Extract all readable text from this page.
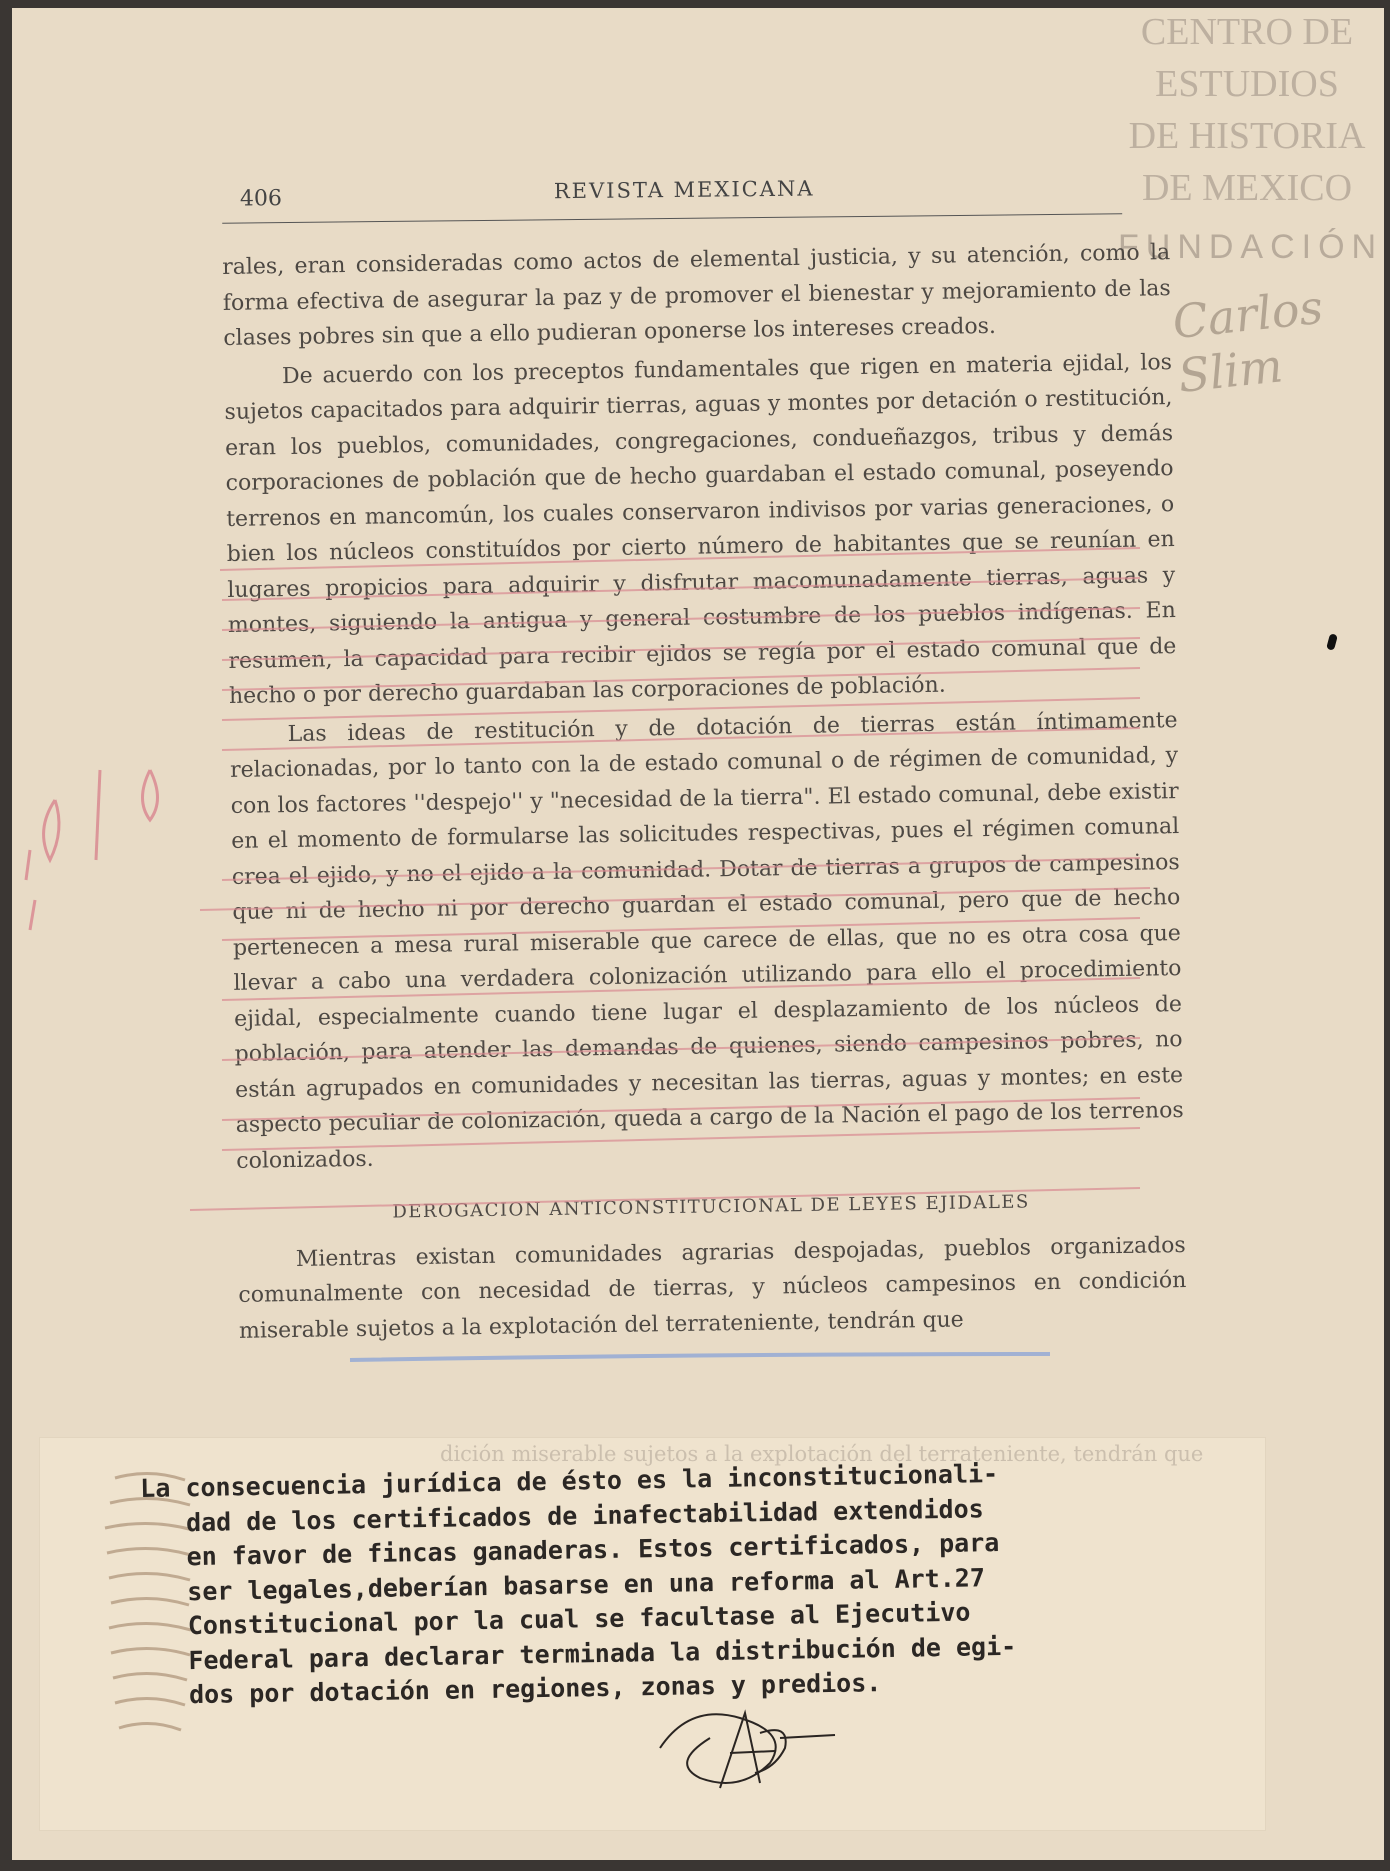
CENTRO DE
ESTUDIOS
DE HISTORIA
DE MEXICO
FUNDACIÓN
Carlos Slim
406	REVISTA MEXICANA

rales, eran consideradas como actos de elemental justicia, y su atención, como la forma efectiva de asegurar la paz y de promover el bienestar y mejoramiento de las clases pobres sin que a ello pudieran oponerse los intereses creados.

De acuerdo con los preceptos fundamentales que rigen en materia ejidal, los sujetos capacitados para adquirir tierras, aguas y montes por detación o restitución, eran los pueblos, comunidades, congregaciones, condueñazgos, tribus y demás corporaciones de población que de hecho guardaban el estado comunal, poseyendo terrenos en mancomún, los cuales conservaron indivisos por varias generaciones, o bien los núcleos constituídos por cierto número de habitantes que se reunían en lugares propicios para adquirir y disfrutar macomunadamente tierras, aguas y montes, siguiendo la antigua y general costumbre de los pueblos indígenas. En resumen, la capacidad para recibir ejidos se regía por el estado comunal que de hecho o por derecho guardaban las corporaciones de población.

Las ideas de restitución y de dotación de tierras están íntimamente relacionadas, por lo tanto con la de estado comunal o de régimen de comunidad, y con los factores ''despejo'' y "necesidad de la tierra". El estado comunal, debe existir en el momento de formularse las solicitudes respectivas, pues el régimen comunal crea el ejido, y no el ejido a la comunidad. Dotar de tierras a grupos de campesinos que ni de hecho ni por derecho guardan el estado comunal, pero que de hecho pertenecen a mesa rural miserable que carece de ellas, que no es otra cosa que llevar a cabo una verdadera colonización utilizando para ello el procedimiento ejidal, especialmente cuando tiene lugar el desplazamiento de los núcleos de población, para atender las demandas de quienes, siendo campesinos pobres, no están agrupados en comunidades y necesitan las tierras, aguas y montes; en este aspecto peculiar de colonización, queda a cargo de la Nación el pago de los terrenos colonizados.

DEROGACION ANTICONSTITUCIONAL DE LEYES EJIDALES

Mientras existan comunidades agrarias despojadas, pueblos organizados comunalmente con necesidad de tierras, y núcleos campesinos en condición miserable sujetos a la explotación del terrateniente, tendrán que

dición miserable sujetos a la explotación del terrateniente, tendrán que
La consecuencia jurídica de ésto es la inconstitucionali-
dad de los certificados de inafectabilidad extendidos
en favor de fincas ganaderas. Estos certificados, para
ser legales,deberían basarse en una reforma al Art.27
Constitucional por la cual se facultase al Ejecutivo
Federal para declarar terminada la distribución de egi-
dos por dotación en regiones, zonas y predios.
